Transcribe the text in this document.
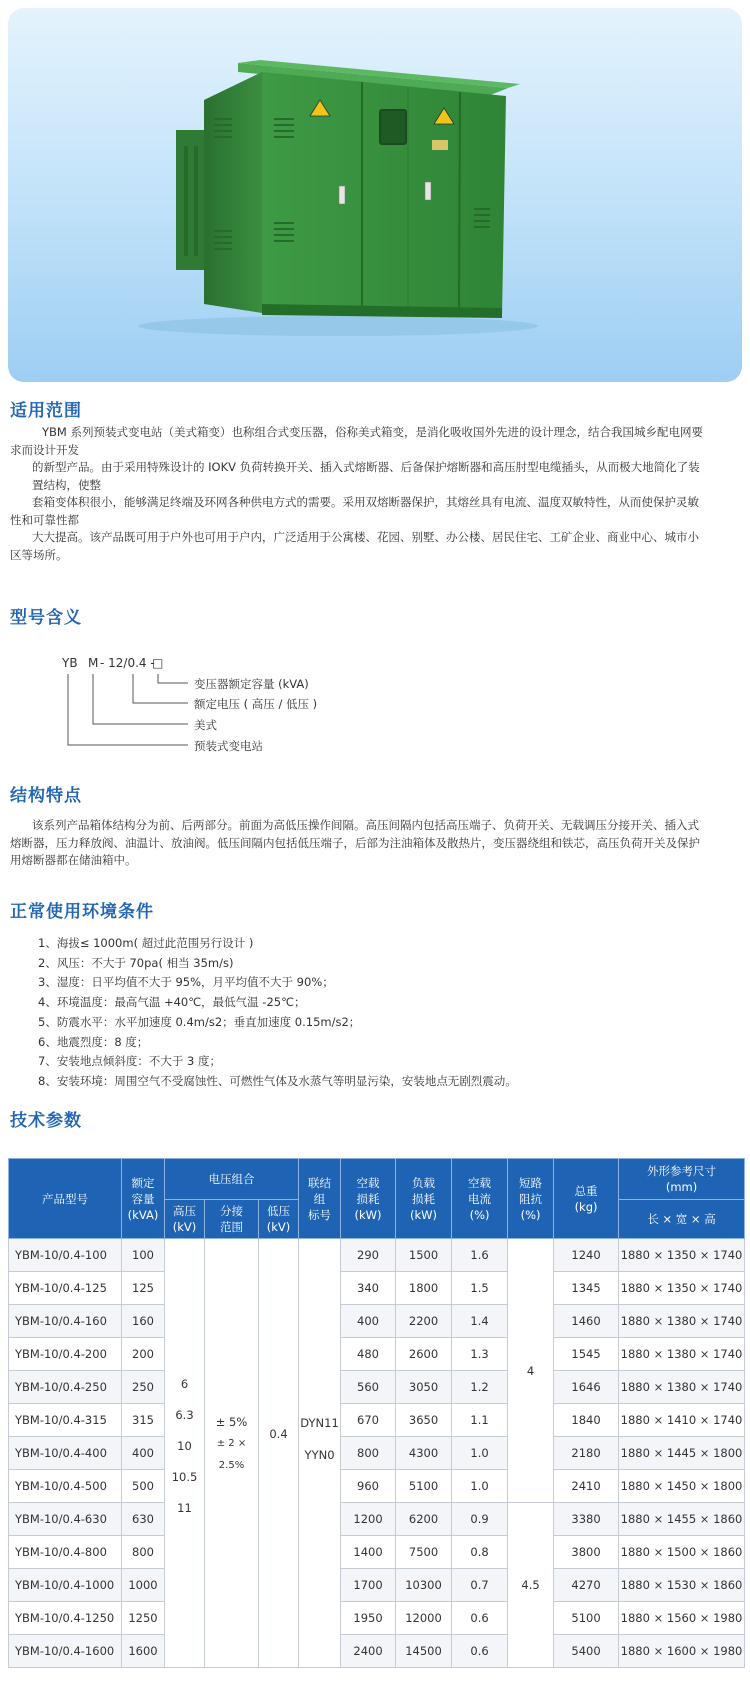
适用范围

YBM 系列预装式变电站（美式箱变）也称组合式变压器，俗称美式箱变，是消化吸收国外先进的设计理念，结合我国城乡配电网要

求而设计开发

的新型产品。由于采用特殊设计的 IOKV 负荷转换开关、插入式熔断器、后备保护熔断器和高压肘型电缆插头，从而极大地简化了装

置结构，使整

套箱变体积很小，能够满足终端及环网各种供电方式的需要。采用双熔断器保护，其熔丝具有电流、温度双敏特性，从而使保护灵敏

性和可靠性都

大大提高。该产品既可用于户外也可用于户内，广泛适用于公寓楼、花园、别墅、办公楼、居民住宅、工矿企业、商业中心、城市小

区等场所。

型号含义
YB M - 12/0.4 -
□
变压器额定容量 (kVA)
额定电压 ( 高压 / 低压 )
美式
预装式变电站
结构特点

该系列产品箱体结构分为前、后两部分。前面为高低压操作间隔。高压间隔内包括高压端子、负荷开关、无载调压分接开关、插入式

熔断器，压力释放阀、油温计、放油阀。低压间隔内包括低压端子，后部为注油箱体及散热片，变压器绕组和铁芯，高压负荷开关及保护

用熔断器都在储油箱中。

正常使用环境条件
1、海拔≤ 1000m( 超过此范围另行设计 )
2、风压：不大于 70pa( 相当 35m/s)
3、湿度：日平均值不大于 95%，月平均值不大于 90%；
4、环境温度：最高气温 +40℃，最低气温 -25℃；
5、防震水平：水平加速度 0.4m/s2；垂直加速度 0.15m/s2；
6、地震烈度：8 度；
7、安装地点倾斜度：不大于 3 度；
8、安装环境：周围空气不受腐蚀性、可燃性气体及水蒸气等明显污染，安装地点无剧烈震动。
技术参数
产品型号	额定
容量
(kVA)	电压组合			联结
组
标号	空载
损耗
(kW)	负载
损耗
(kW)	空载
电流
(%)	短路
阻抗
(%)	总重
(kg)	外形参考尺寸
(mm)

		高压
(kV)	分接
范围	低压
(kV)							长 × 宽 × 高
YBM-10/0.4-100	100	6
6.3
10
10.5
11	± 5%
± 2 × 2.5%	0.4	DYN11
YYN0	290	1500	1.6	4	1240	1880 × 1350 × 1740
YBM-10/0.4-125	125					340	1800	1.5		1345	1880 × 1350 × 1740
YBM-10/0.4-160	160					400	2200	1.4		1460	1880 × 1380 × 1740
YBM-10/0.4-200	200					480	2600	1.3		1545	1880 × 1380 × 1740
YBM-10/0.4-250	250					560	3050	1.2		1646	1880 × 1380 × 1740
YBM-10/0.4-315	315					670	3650	1.1		1840	1880 × 1410 × 1740
YBM-10/0.4-400	400					800	4300	1.0		2180	1880 × 1445 × 1800
YBM-10/0.4-500	500					960	5100	1.0		2410	1880 × 1450 × 1800
YBM-10/0.4-630	630					1200	6200	0.9	4.5	3380	1880 × 1455 × 1860
YBM-10/0.4-800	800					1400	7500	0.8		3800	1880 × 1500 × 1860
YBM-10/0.4-1000	1000					1700	10300	0.7		4270	1880 × 1530 × 1860
YBM-10/0.4-1250	1250					1950	12000	0.6		5100	1880 × 1560 × 1980
YBM-10/0.4-1600	1600					2400	14500	0.6		5400	1880 × 1600 × 1980
